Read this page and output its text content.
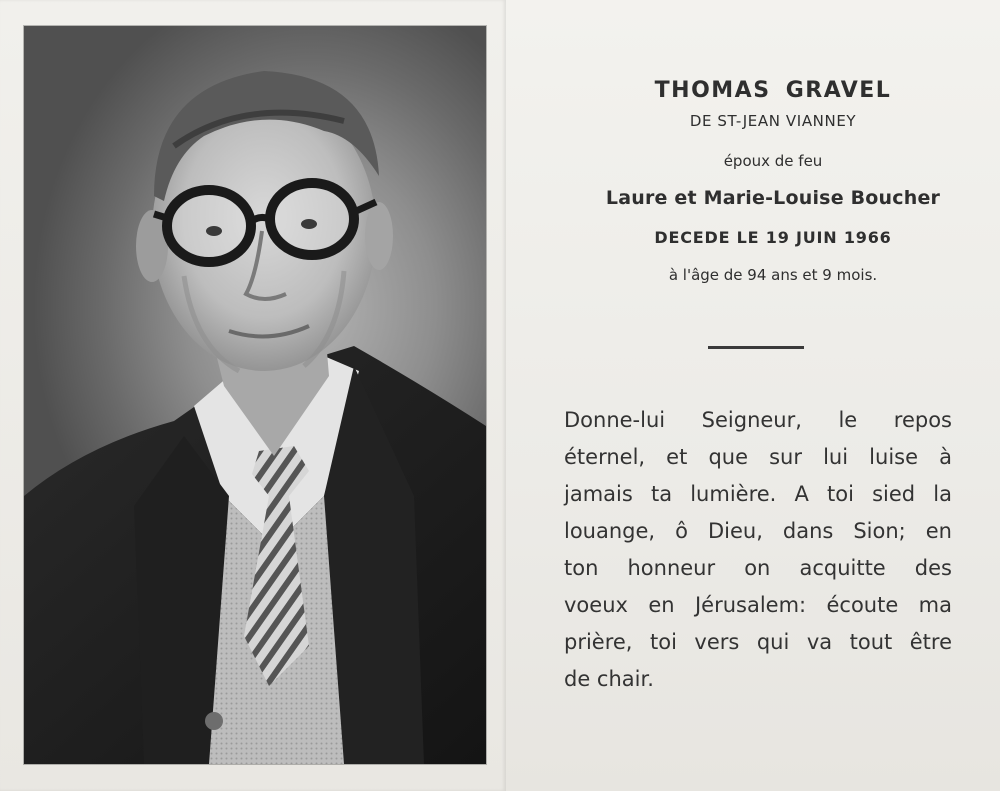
THOMAS GRAVEL

DE ST-JEAN VIANNEY

époux de feu

Laure et Marie-Louise Boucher

DECEDE LE 19 JUIN 1966

à l'âge de 94 ans et 9 mois.

Donne-lui Seigneur, le repos
éternel, et que sur lui luise à
jamais ta lumière. A toi sied la
louange, ô Dieu, dans Sion; en
ton honneur on acquitte des
voeux en Jérusalem: écoute ma
prière, toi vers qui va tout être
de chair.
